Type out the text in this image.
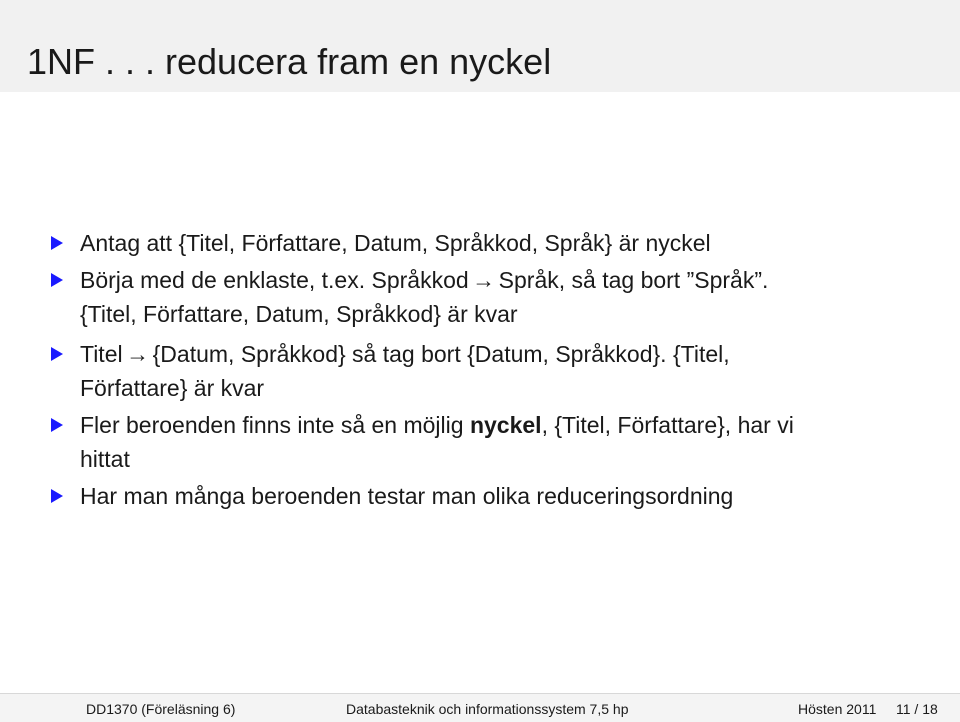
1NF . . . reducera fram en nyckel
Antag att {Titel, Författare, Datum, Språkkod, Språk} är nyckel
Börja med de enklaste, t.ex. Språkkod → Språk, så tag bort ”Språk”.
{Titel, Författare, Datum, Språkkod} är kvar
Titel → {Datum, Språkkod} så tag bort {Datum, Språkkod}. {Titel,
Författare} är kvar
Fler beroenden finns inte så en möjlig nyckel, {Titel, Författare}, har vi
hittat
Har man många beroenden testar man olika reduceringsordning
DD1370 (Föreläsning 6)	Databasteknik och informationssystem 7,5 hp	Hösten 2011 11 / 18
